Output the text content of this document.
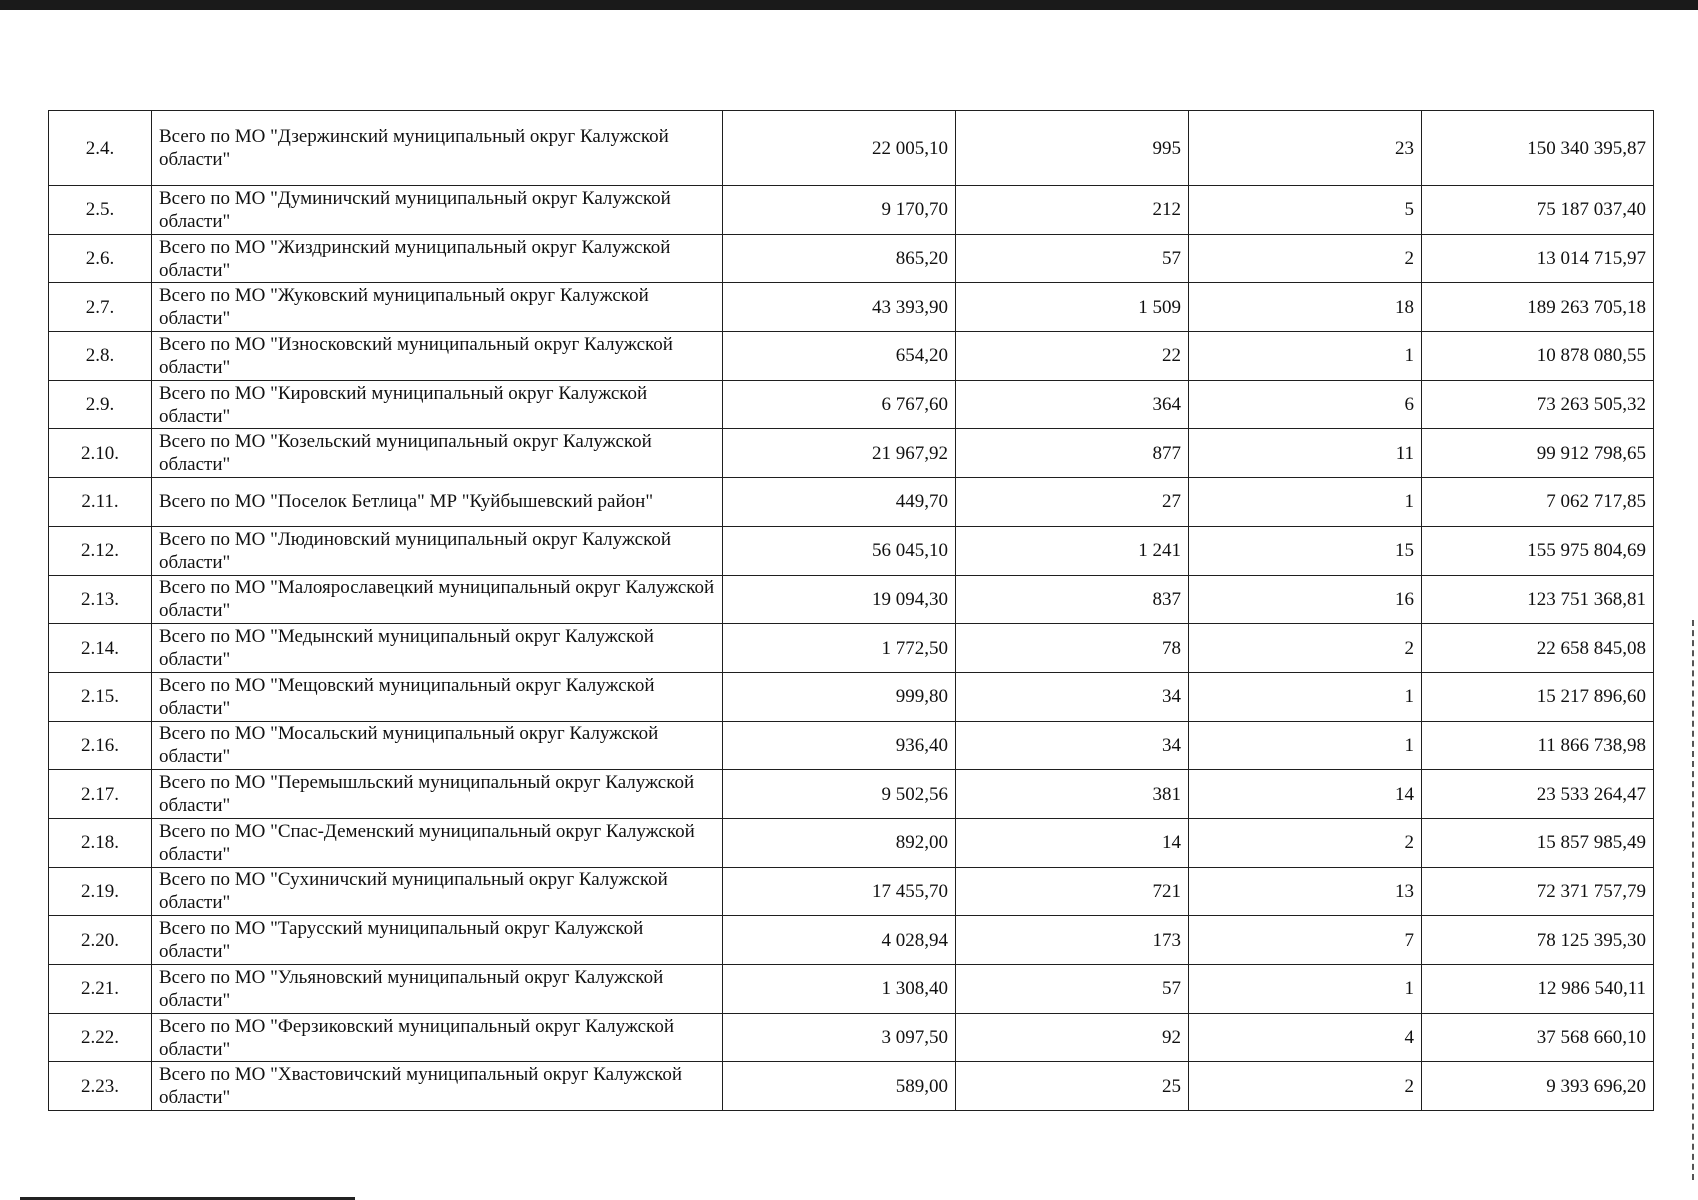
2.4.	Всего по МО "Дзержинский муниципальный округ Калужской области"	22 005,10	995	23	150 340 395,87
2.5.	Всего по МО "Думиничский муниципальный округ Калужской области"	9 170,70	212	5	75 187 037,40
2.6.	Всего по МО "Жиздринский муниципальный округ Калужской области"	865,20	57	2	13 014 715,97
2.7.	Всего по МО "Жуковский муниципальный округ Калужской области"	43 393,90	1 509	18	189 263 705,18
2.8.	Всего по МО "Износковский муниципальный округ Калужской области"	654,20	22	1	10 878 080,55
2.9.	Всего по МО "Кировский муниципальный округ Калужской области"	6 767,60	364	6	73 263 505,32
2.10.	Всего по МО "Козельский муниципальный округ Калужской области"	21 967,92	877	11	99 912 798,65
2.11.	Всего по МО "Поселок Бетлица" МР "Куйбышевский район"	449,70	27	1	7 062 717,85
2.12.	Всего по МО "Людиновский муниципальный округ Калужской области"	56 045,10	1 241	15	155 975 804,69
2.13.	Всего по МО "Малоярославецкий муниципальный округ Калужской области"	19 094,30	837	16	123 751 368,81
2.14.	Всего по МО "Медынский муниципальный округ Калужской области"	1 772,50	78	2	22 658 845,08
2.15.	Всего по МО "Мещовский муниципальный округ Калужской области"	999,80	34	1	15 217 896,60
2.16.	Всего по МО "Мосальский муниципальный округ Калужской области"	936,40	34	1	11 866 738,98
2.17.	Всего по МО "Перемышльский муниципальный округ Калужской области"	9 502,56	381	14	23 533 264,47
2.18.	Всего по МО "Спас-Деменский муниципальный округ Калужской области"	892,00	14	2	15 857 985,49
2.19.	Всего по МО "Сухиничский муниципальный округ Калужской области"	17 455,70	721	13	72 371 757,79
2.20.	Всего по МО "Тарусский муниципальный округ Калужской области"	4 028,94	173	7	78 125 395,30
2.21.	Всего по МО "Ульяновский муниципальный округ Калужской области"	1 308,40	57	1	12 986 540,11
2.22.	Всего по МО "Ферзиковский муниципальный округ Калужской области"	3 097,50	92	4	37 568 660,10
2.23.	Всего по МО "Хвастовичский муниципальный округ Калужской области"	589,00	25	2	9 393 696,20
